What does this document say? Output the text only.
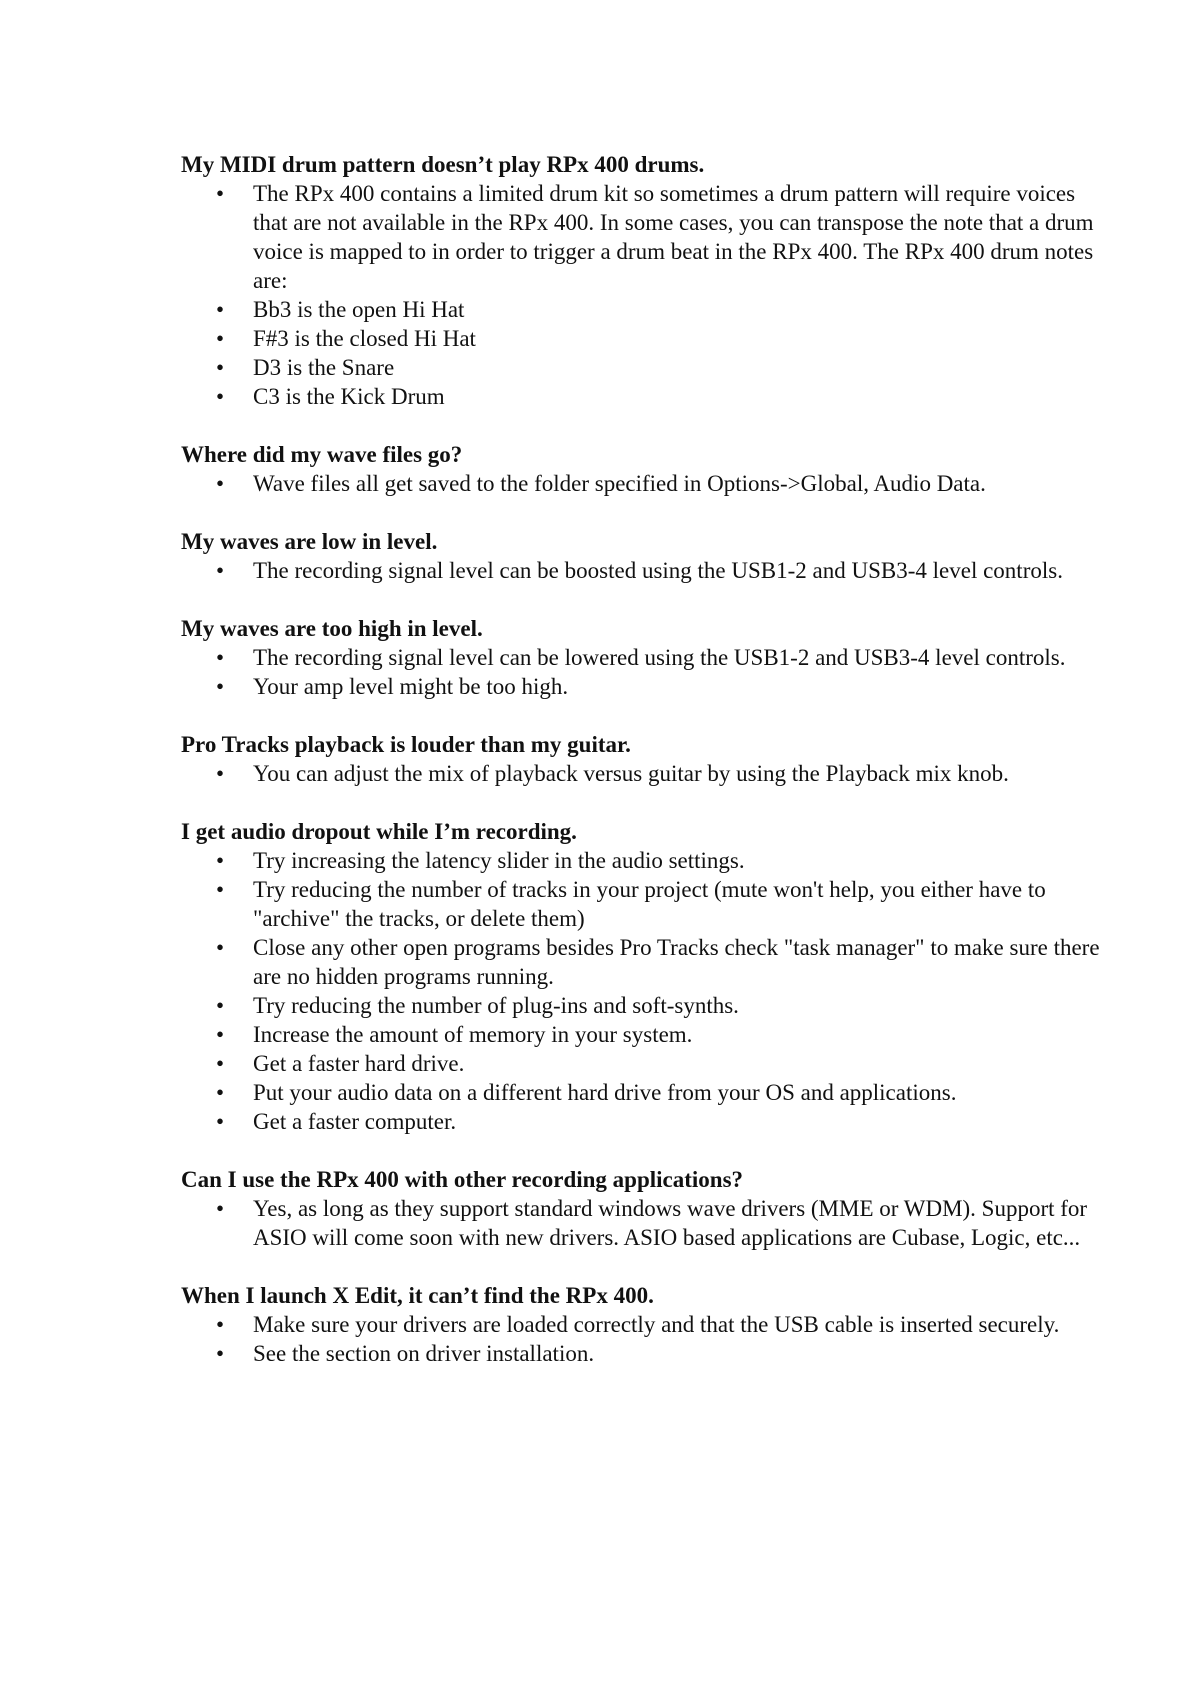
My MIDI drum pattern doesn’t play RPx 400 drums.

• The RPx 400 contains a limited drum kit so sometimes a drum pattern will require voices that are not available in the RPx 400. In some cases, you can transpose the note that a drum voice is mapped to in order to trigger a drum beat in the RPx 400. The RPx 400 drum notes are:
• Bb3 is the open Hi Hat
• F#3 is the closed Hi Hat
• D3 is the Snare
• C3 is the Kick Drum

Where did my wave files go?

• Wave files all get saved to the folder specified in Options->Global, Audio Data.

My waves are low in level.

• The recording signal level can be boosted using the USB1-2 and USB3-4 level controls.

My waves are too high in level.

• The recording signal level can be lowered using the USB1-2 and USB3-4 level controls.
• Your amp level might be too high.

Pro Tracks playback is louder than my guitar.

• You can adjust the mix of playback versus guitar by using the Playback mix knob.

I get audio dropout while I’m recording.

• Try increasing the latency slider in the audio settings.
• Try reducing the number of tracks in your project (mute won't help, you either have to "archive" the tracks, or delete them)
• Close any other open programs besides Pro Tracks check "task manager" to make sure there are no hidden programs running.
• Try reducing the number of plug-ins and soft-synths.
• Increase the amount of memory in your system.
• Get a faster hard drive.
• Put your audio data on a different hard drive from your OS and applications.
• Get a faster computer.

Can I use the RPx 400 with other recording applications?

• Yes, as long as they support standard windows wave drivers (MME or WDM). Support for ASIO will come soon with new drivers. ASIO based applications are Cubase, Logic, etc...

When I launch X Edit, it can’t find the RPx 400.

• Make sure your drivers are loaded correctly and that the USB cable is inserted securely.
• See the section on driver installation.
